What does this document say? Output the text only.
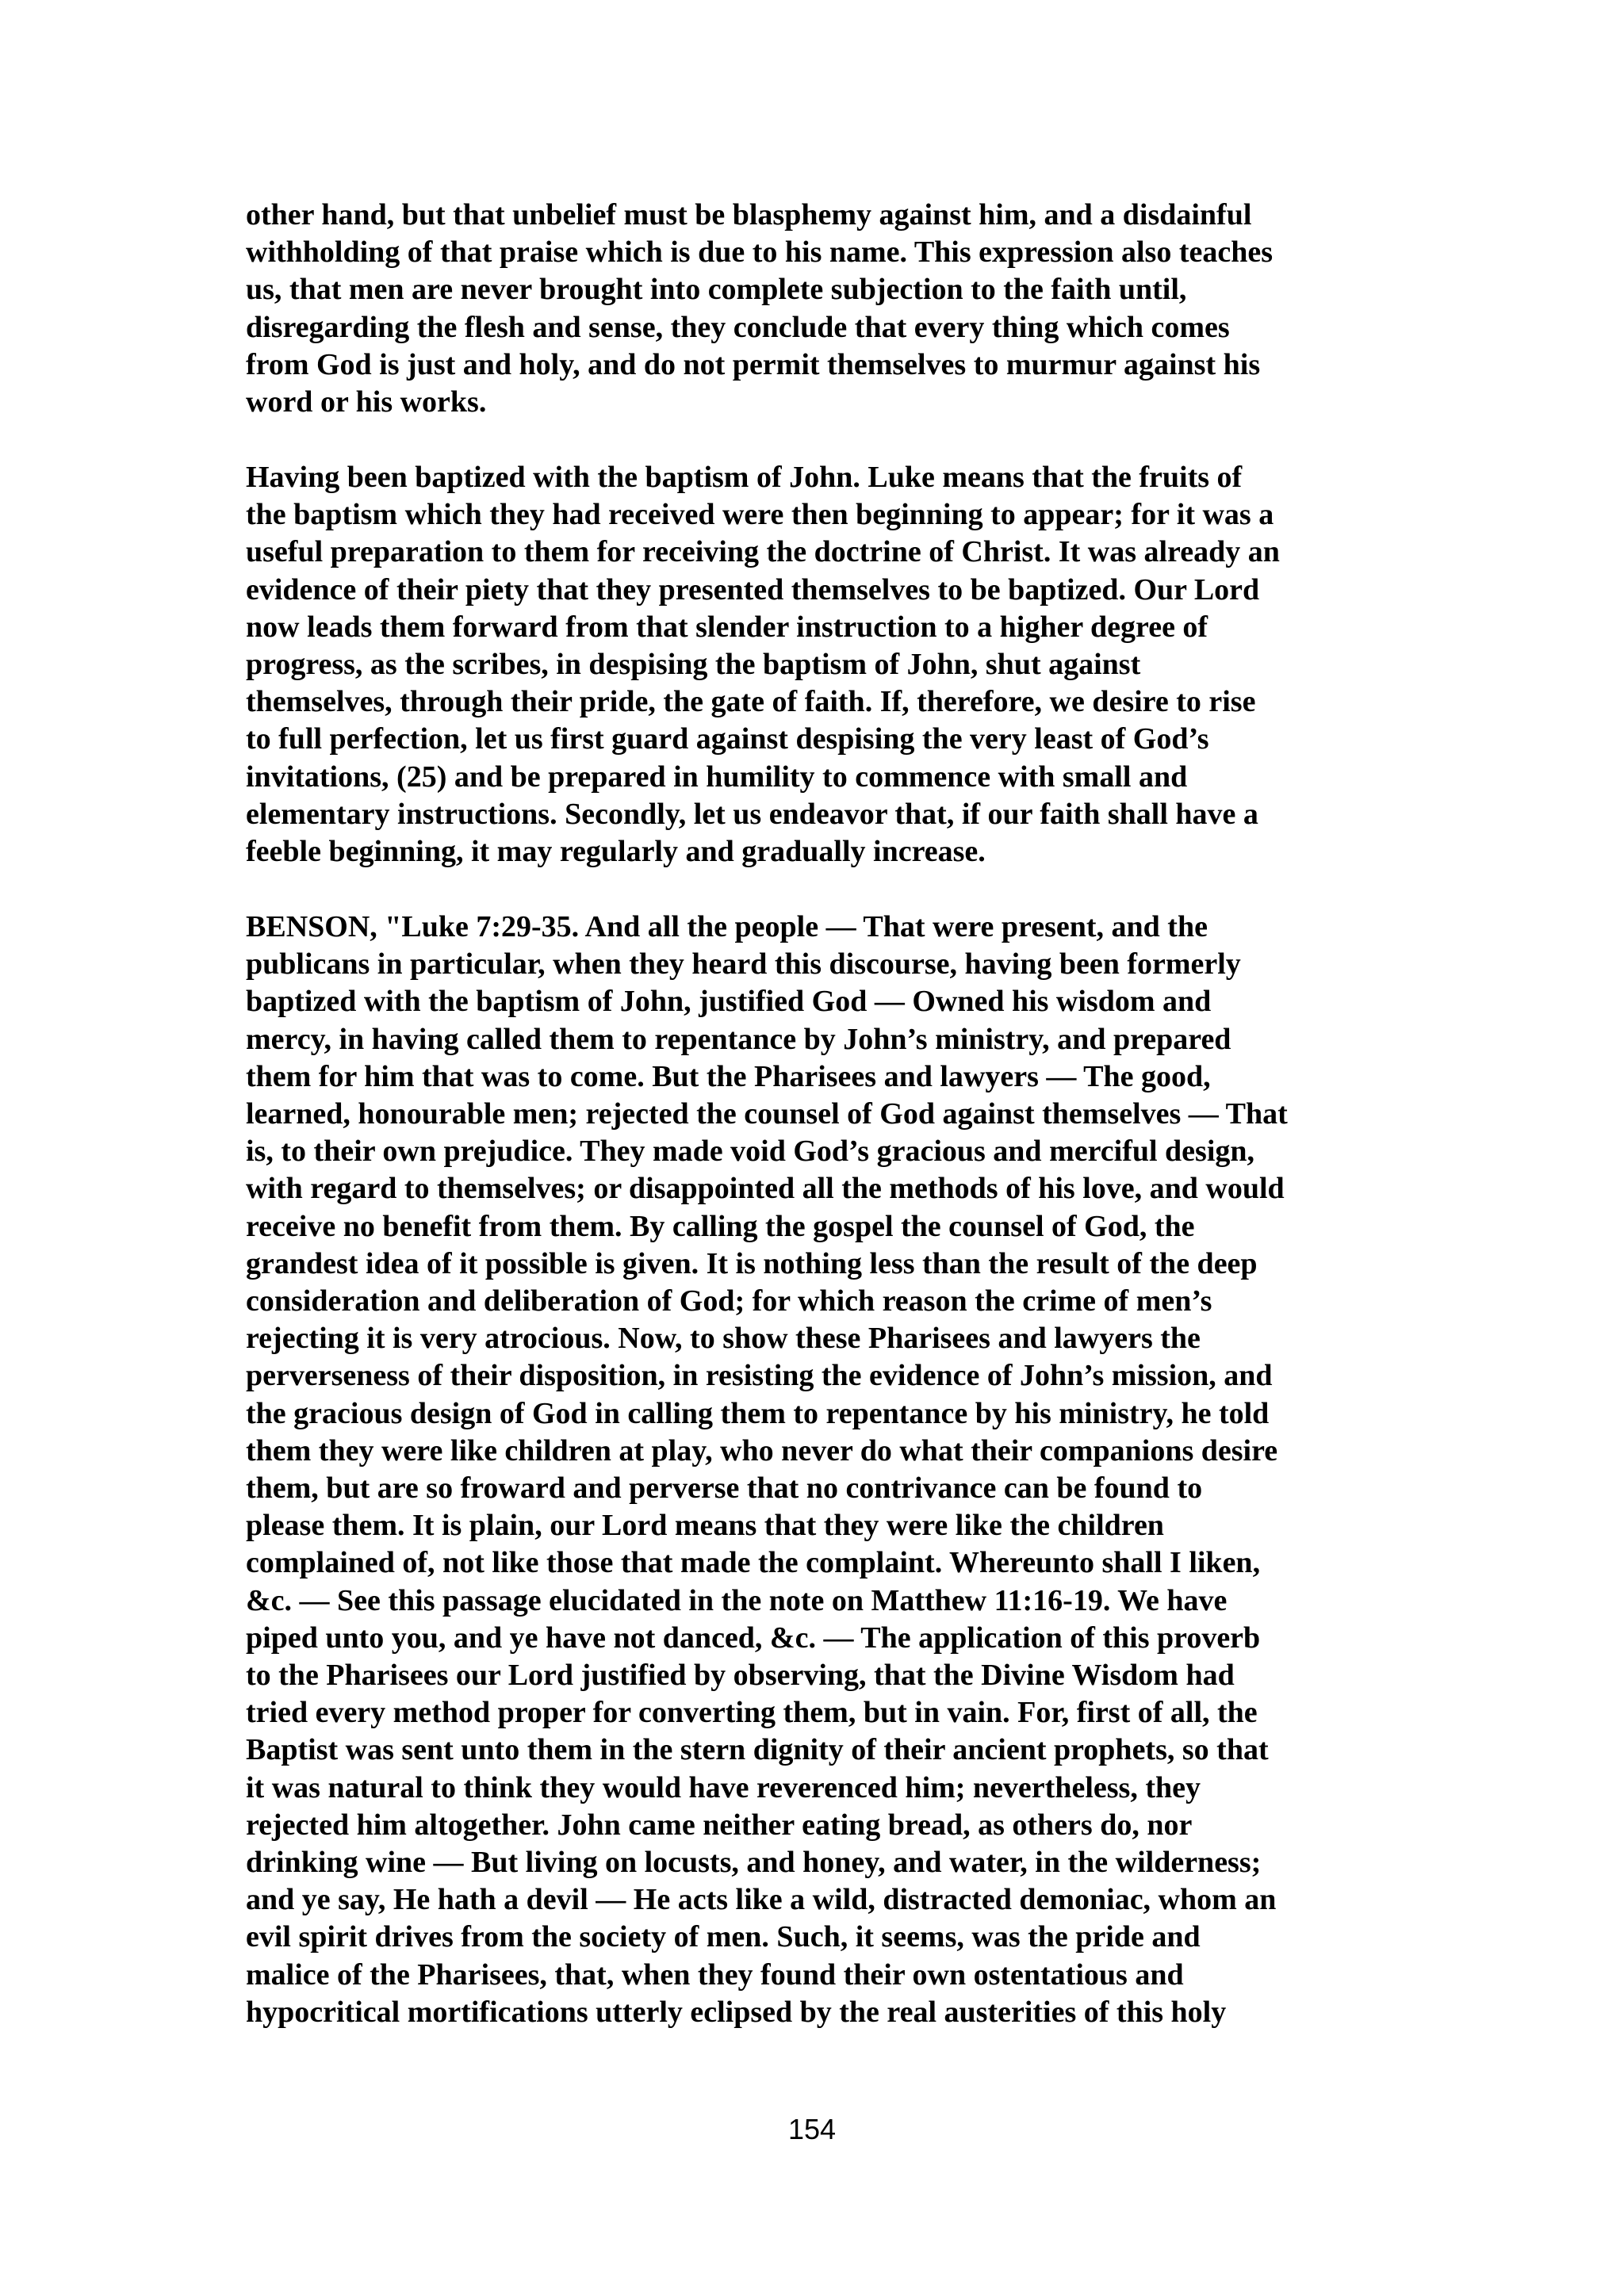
other hand, but that unbelief must be blasphemy against him, and a disdainful
withholding of that praise which is due to his name. This expression also teaches
us, that men are never brought into complete subjection to the faith until,
disregarding the flesh and sense, they conclude that every thing which comes
from God is just and holy, and do not permit themselves to murmur against his
word or his works.
Having been baptized with the baptism of John. Luke means that the fruits of
the baptism which they had received were then beginning to appear; for it was a
useful preparation to them for receiving the doctrine of Christ. It was already an
evidence of their piety that they presented themselves to be baptized. Our Lord
now leads them forward from that slender instruction to a higher degree of
progress, as the scribes, in despising the baptism of John, shut against
themselves, through their pride, the gate of faith. If, therefore, we desire to rise
to full perfection, let us first guard against despising the very least of God’s
invitations, (25) and be prepared in humility to commence with small and
elementary instructions. Secondly, let us endeavor that, if our faith shall have a
feeble beginning, it may regularly and gradually increase.
BENSON, "Luke 7:29-35. And all the people — That were present, and the
publicans in particular, when they heard this discourse, having been formerly
baptized with the baptism of John, justified God — Owned his wisdom and
mercy, in having called them to repentance by John’s ministry, and prepared
them for him that was to come. But the Pharisees and lawyers — The good,
learned, honourable men; rejected the counsel of God against themselves — That
is, to their own prejudice. They made void God’s gracious and merciful design,
with regard to themselves; or disappointed all the methods of his love, and would
receive no benefit from them. By calling the gospel the counsel of God, the
grandest idea of it possible is given. It is nothing less than the result of the deep
consideration and deliberation of God; for which reason the crime of men’s
rejecting it is very atrocious. Now, to show these Pharisees and lawyers the
perverseness of their disposition, in resisting the evidence of John’s mission, and
the gracious design of God in calling them to repentance by his ministry, he told
them they were like children at play, who never do what their companions desire
them, but are so froward and perverse that no contrivance can be found to
please them. It is plain, our Lord means that they were like the children
complained of, not like those that made the complaint. Whereunto shall I liken,
&c. — See this passage elucidated in the note on Matthew 11:16-19. We have
piped unto you, and ye have not danced, &c. — The application of this proverb
to the Pharisees our Lord justified by observing, that the Divine Wisdom had
tried every method proper for converting them, but in vain. For, first of all, the
Baptist was sent unto them in the stern dignity of their ancient prophets, so that
it was natural to think they would have reverenced him; nevertheless, they
rejected him altogether. John came neither eating bread, as others do, nor
drinking wine — But living on locusts, and honey, and water, in the wilderness;
and ye say, He hath a devil — He acts like a wild, distracted demoniac, whom an
evil spirit drives from the society of men. Such, it seems, was the pride and
malice of the Pharisees, that, when they found their own ostentatious and
hypocritical mortifications utterly eclipsed by the real austerities of this holy
154
